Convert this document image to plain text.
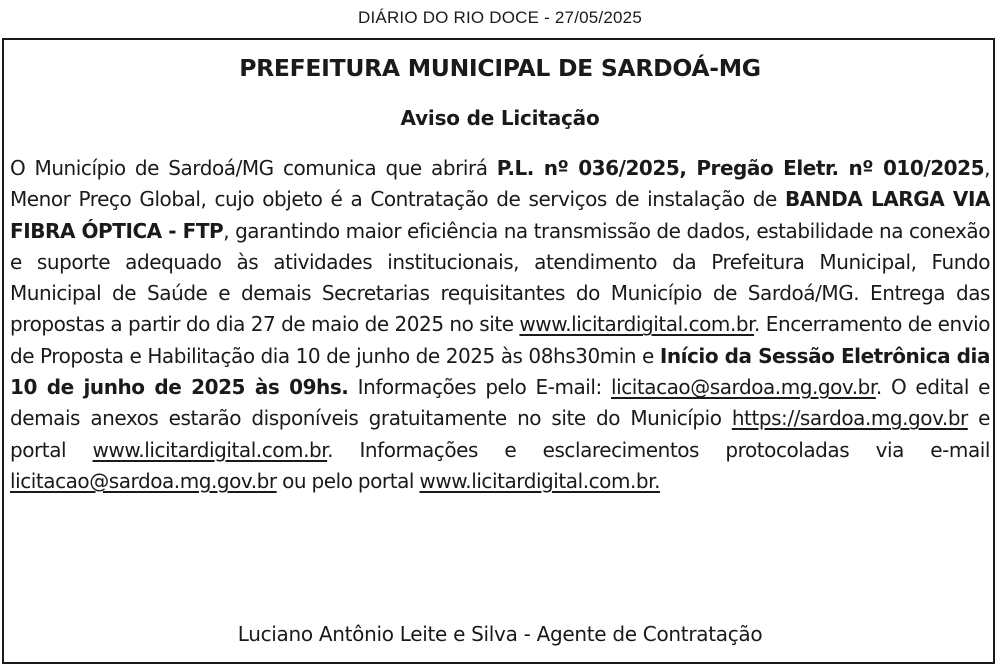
DIÁRIO DO RIO DOCE - 27/05/2025
PREFEITURA MUNICIPAL DE SARDOÁ-MG
Aviso de Licitação

O Município de Sardoá/MG comunica que abrirá P.L. nº 036/2025, Pregão Eletr. nº 010/2025, Menor Preço Global, cujo objeto é a Contratação de serviços de instalação de BANDA LARGA VIA FIBRA ÓPTICA - FTP, garantindo maior eficiência na transmissão de dados, estabilidade na conexão e suporte adequado às atividades institucionais, atendimento da Prefeitura Municipal, Fundo Municipal de Saúde e demais Secretarias requisitantes do Município de Sardoá/MG. Entrega das propostas a partir do dia 27 de maio de 2025 no site www.licitardigital.com.br. Encerramento de envio de Proposta e Habilitação dia 10 de junho de 2025 às 08hs30min e Início da Sessão Eletrônica dia 10 de junho de 2025 às 09hs. Informações pelo E-mail: licitacao@sardoa.mg.gov.br. O edital e demais anexos estarão disponíveis gratuitamente no site do Município https://sardoa.mg.gov.br e portal www.licitardigital.com.br. Informações e esclarecimentos protocoladas via e-mail licitacao@sardoa.mg.gov.br ou pelo portal www.licitardigital.com.br.

Luciano Antônio Leite e Silva - Agente de Contratação
